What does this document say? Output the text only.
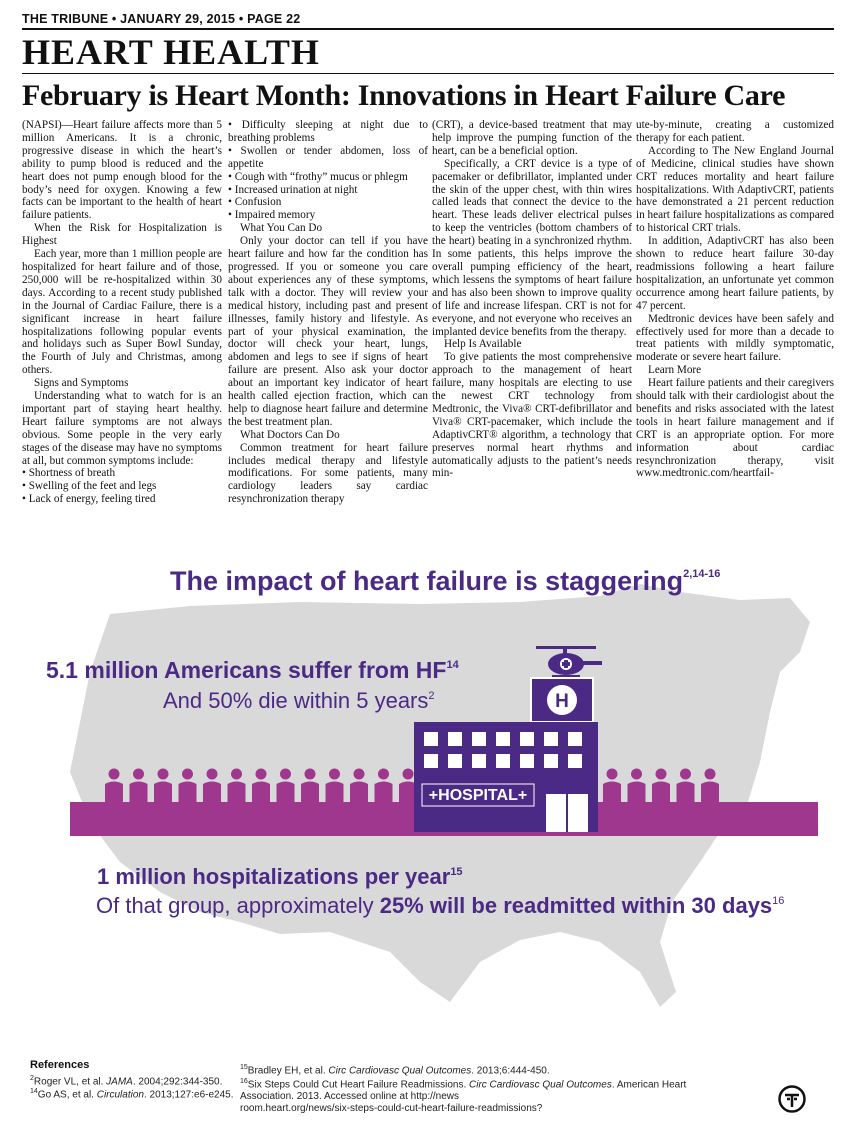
THE TRIBUNE • JANUARY 29, 2015 • PAGE 22
HEART HEALTH
February is Heart Month: Innovations in Heart Failure Care

(NAPSI)—Heart failure affects more than 5 million Americans. It is a chronic, progressive disease in which the heart’s ability to pump blood is reduced and the heart does not pump enough blood for the body’s need for oxygen. Knowing a few facts can be important to the health of heart failure patients.

When the Risk for Hospitalization is Highest

Each year, more than 1 million people are hospitalized for heart failure and of those, 250,000 will be re-hospitalized within 30 days. According to a recent study published in the Journal of Cardiac Failure, there is a significant increase in heart failure hospitalizations following popular events and holidays such as Super Bowl Sunday, the Fourth of July and Christmas, among others.

Signs and Symptoms

Understanding what to watch for is an important part of staying heart healthy. Heart failure symptoms are not always obvious. Some people in the very early stages of the disease may have no symptoms at all, but common symptoms include:

• Shortness of breath

• Swelling of the feet and legs

• Lack of energy, feeling tired

• Difficulty sleeping at night due to breathing problems

• Swollen or tender abdomen, loss of appetite

• Cough with “frothy” mucus or phlegm

• Increased urination at night

• Confusion

• Impaired memory

What You Can Do

Only your doctor can tell if you have heart failure and how far the condition has progressed. If you or someone you care about experiences any of these symptoms, talk with a doctor. They will review your medical history, including past and present illnesses, family history and lifestyle. As part of your physical examination, the doctor will check your heart, lungs, abdomen and legs to see if signs of heart failure are present. Also ask your doctor about an important key indicator of heart health called ejection fraction, which can help to diagnose heart failure and determine the best treatment plan.

What Doctors Can Do

Common treatment for heart failure includes medical therapy and lifestyle modifications. For some patients, many cardiology leaders say cardiac resynchronization therapy

(CRT), a device-based treatment that may help improve the pumping function of the heart, can be a beneficial option.

Specifically, a CRT device is a type of pacemaker or defibrillator, implanted under the skin of the upper chest, with thin wires called leads that connect the device to the heart. These leads deliver electrical pulses to keep the ventricles (bottom chambers of the heart) beating in a synchronized rhythm. In some patients, this helps improve the overall pumping efficiency of the heart, which lessens the symptoms of heart failure and has also been shown to improve quality of life and increase lifespan. CRT is not for everyone, and not everyone who receives an implanted device benefits from the therapy.

Help Is Available

To give patients the most comprehensive approach to the management of heart failure, many hospitals are electing to use the newest CRT technology from Medtronic, the Viva® CRT-defibrillator and Viva® CRT-pacemaker, which include the AdaptivCRT® algorithm, a technology that preserves normal heart rhythms and automatically adjusts to the patient’s needs min-

ute-by-minute, creating a customized therapy for each patient.

According to The New England Journal of Medicine, clinical studies have shown CRT reduces mortality and heart failure hospitalizations. With AdaptivCRT, patients have demonstrated a 21 percent reduction in heart failure hospitalizations as compared to historical CRT trials.

In addition, AdaptivCRT has also been shown to reduce heart failure 30-day readmissions following a heart failure hospitalization, an unfortunate yet common occurrence among heart failure patients, by 47 percent.

Medtronic devices have been safely and effectively used for more than a decade to treat patients with mildly symptomatic, moderate or severe heart failure.

Learn More

Heart failure patients and their caregivers should talk with their cardiologist about the benefits and risks associated with the latest tools in heart failure management and if CRT is an appropriate option. For more information about cardiac resynchronization therapy, visit www.medtronic.com/heartfail-

H
+HOSPITAL+
The impact of heart failure is staggering$^{2,14-16}$
5.1 million Americans suffer from HF$^{14}$
And 50% die within 5 years$^2$
1 million hospitalizations per year$^{15}$
Of that group, approximately 25% will be readmitted within 30 days$^{16}$
References
$^2$Roger VL, et al. JAMA. 2004;292:344-350.
$^{14}$Go AS, et al. Circulation. 2013;127:e6-e245.
$^{15}$Bradley EH, et al. Circ Cardiovasc Qual Outcomes. 2013;6:444-450.
$^{16}$Six Steps Could Cut Heart Failure Readmissions. Circ Cardiovasc Qual Outcomes. American Heart Association. 2013. Accessed online at http://news
room.heart.org/news/six-steps-could-cut-heart-failure-readmissions?
